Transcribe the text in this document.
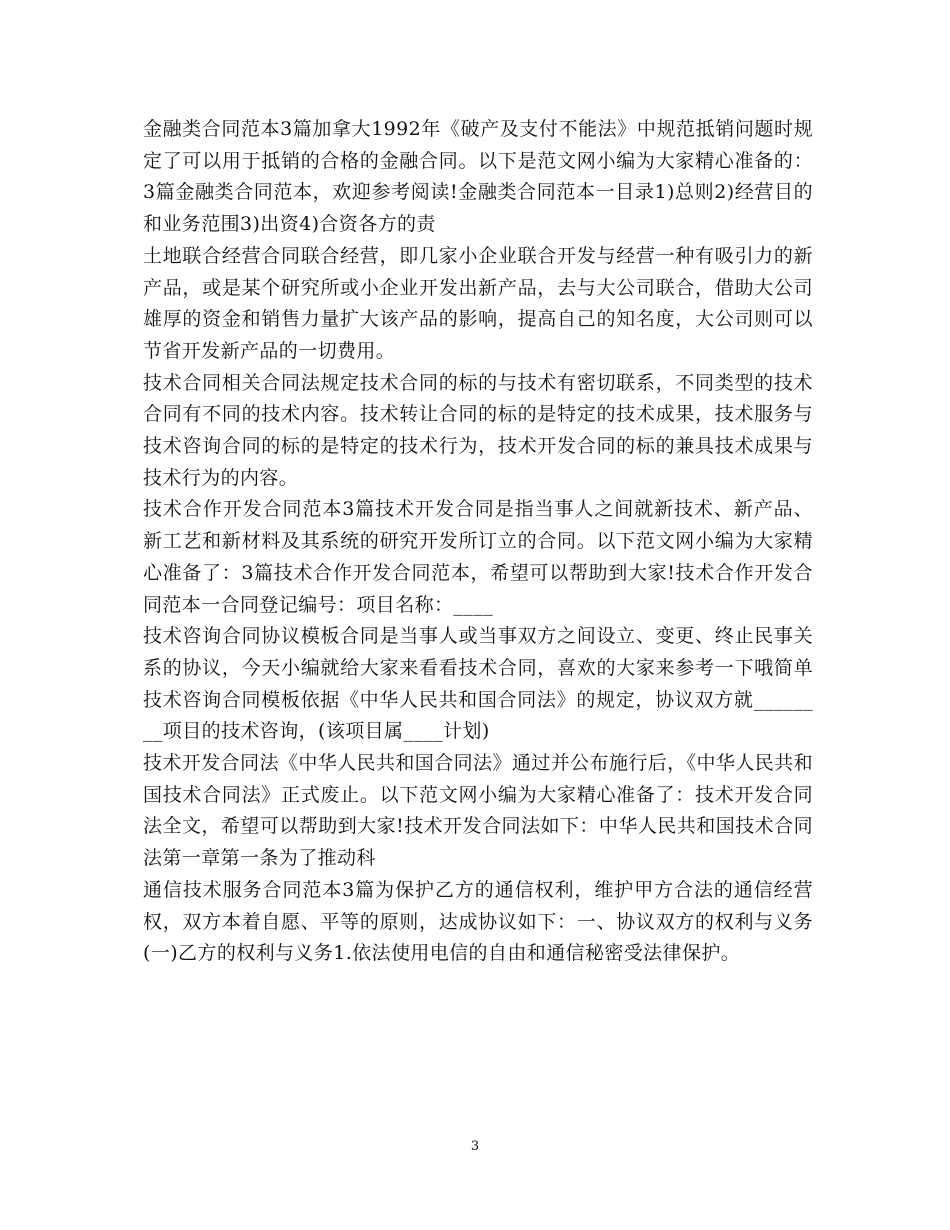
金融类合同范本3篇加拿大1992年《破产及支付不能法》中规范抵销问题时规定了可以用于抵销的合格的金融合同。以下是范文网小编为大家精心准备的：3篇金融类合同范本，欢迎参考阅读!金融类合同范本一目录1)总则2)经营目的和业务范围3)出资4)合资各方的责

土地联合经营合同联合经营，即几家小企业联合开发与经营一种有吸引力的新产品，或是某个研究所或小企业开发出新产品，去与大公司联合，借助大公司雄厚的资金和销售力量扩大该产品的影响，提高自己的知名度，大公司则可以节省开发新产品的一切费用。

技术合同相关合同法规定技术合同的标的与技术有密切联系，不同类型的技术合同有不同的技术内容。技术转让合同的标的是特定的技术成果，技术服务与技术咨询合同的标的是特定的技术行为，技术开发合同的标的兼具技术成果与技术行为的内容。

技术合作开发合同范本3篇技术开发合同是指当事人之间就新技术、新产品、新工艺和新材料及其系统的研究开发所订立的合同。以下范文网小编为大家精心准备了：3篇技术合作开发合同范本，希望可以帮助到大家!技术合作开发合同范本一合同登记编号：项目名称：____

技术咨询合同协议模板合同是当事人或当事双方之间设立、变更、终止民事关系的协议，今天小编就给大家来看看技术合同，喜欢的大家来参考一下哦简单技术咨询合同模板依据《中华人民共和国合同法》的规定，协议双方就________项目的技术咨询，(该项目属____计划)

技术开发合同法《中华人民共和国合同法》通过并公布施行后，《中华人民共和国技术合同法》正式废止。以下范文网小编为大家精心准备了：技术开发合同法全文，希望可以帮助到大家!技术开发合同法如下：中华人民共和国技术合同法第一章第一条为了推动科

通信技术服务合同范本3篇为保护乙方的通信权利，维护甲方合法的通信经营权，双方本着自愿、平等的原则，达成协议如下：一、协议双方的权利与义务(一)乙方的权利与义务1.依法使用电信的自由和通信秘密受法律保护。

3
